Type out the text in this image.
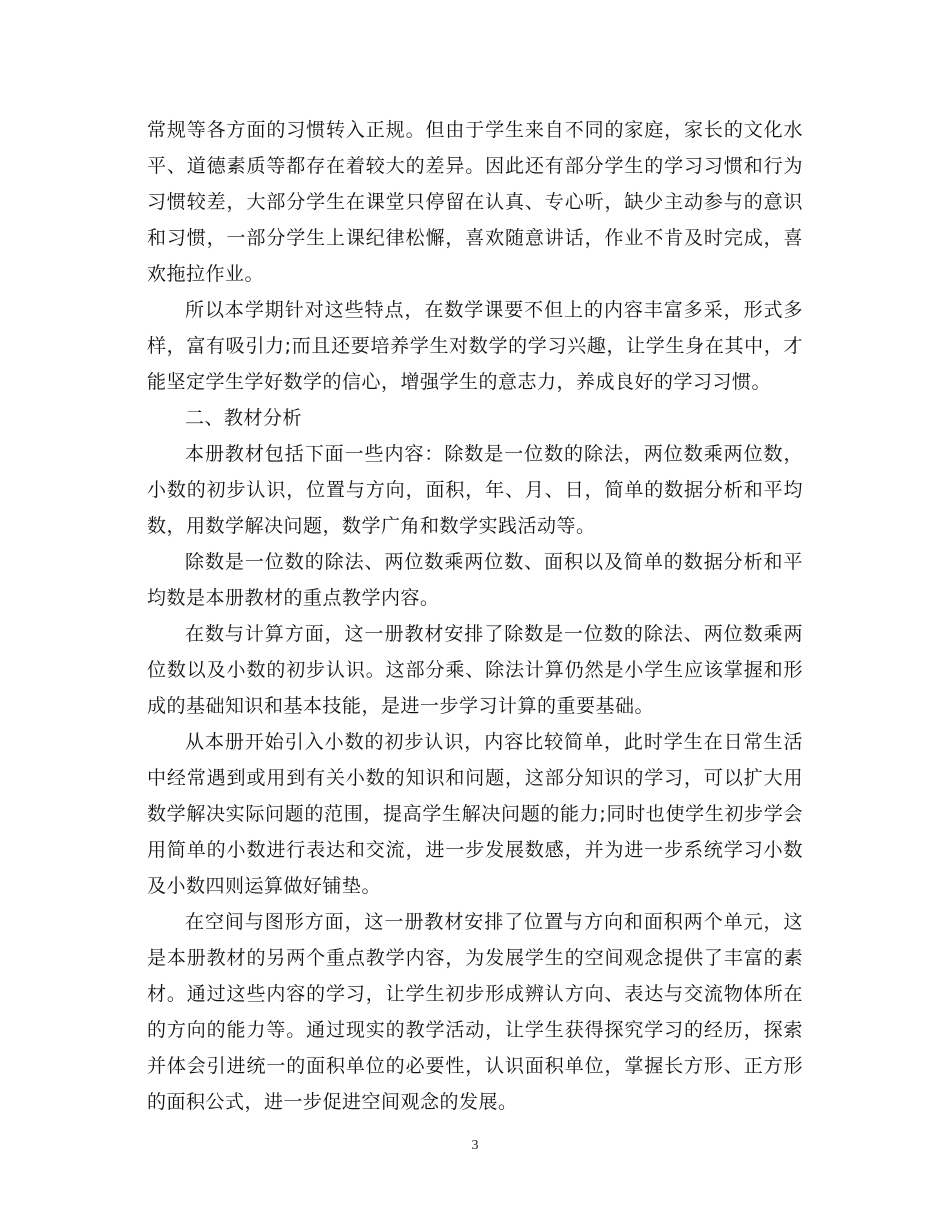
常规等各方面的习惯转入正规。但由于学生来自不同的家庭，家长的文化水平、道德素质等都存在着较大的差异。因此还有部分学生的学习习惯和行为习惯较差，大部分学生在课堂只停留在认真、专心听，缺少主动参与的意识和习惯，一部分学生上课纪律松懈，喜欢随意讲话，作业不肯及时完成，喜欢拖拉作业。

所以本学期针对这些特点，在数学课要不但上的内容丰富多采，形式多样，富有吸引力;而且还要培养学生对数学的学习兴趣，让学生身在其中，才能坚定学生学好数学的信心，增强学生的意志力，养成良好的学习习惯。

二、教材分析

本册教材包括下面一些内容：除数是一位数的除法，两位数乘两位数，小数的初步认识，位置与方向，面积，年、月、日，简单的数据分析和平均数，用数学解决问题，数学广角和数学实践活动等。

除数是一位数的除法、两位数乘两位数、面积以及简单的数据分析和平均数是本册教材的重点教学内容。

在数与计算方面，这一册教材安排了除数是一位数的除法、两位数乘两位数以及小数的初步认识。这部分乘、除法计算仍然是小学生应该掌握和形成的基础知识和基本技能，是进一步学习计算的重要基础。

从本册开始引入小数的初步认识，内容比较简单，此时学生在日常生活中经常遇到或用到有关小数的知识和问题，这部分知识的学习，可以扩大用数学解决实际问题的范围，提高学生解决问题的能力;同时也使学生初步学会用简单的小数进行表达和交流，进一步发展数感，并为进一步系统学习小数及小数四则运算做好铺垫。

在空间与图形方面，这一册教材安排了位置与方向和面积两个单元，这是本册教材的另两个重点教学内容，为发展学生的空间观念提供了丰富的素材。通过这些内容的学习，让学生初步形成辨认方向、表达与交流物体所在的方向的能力等。通过现实的教学活动，让学生获得探究学习的经历，探索并体会引进统一的面积单位的必要性，认识面积单位，掌握长方形、正方形的面积公式，进一步促进空间观念的发展。

3
